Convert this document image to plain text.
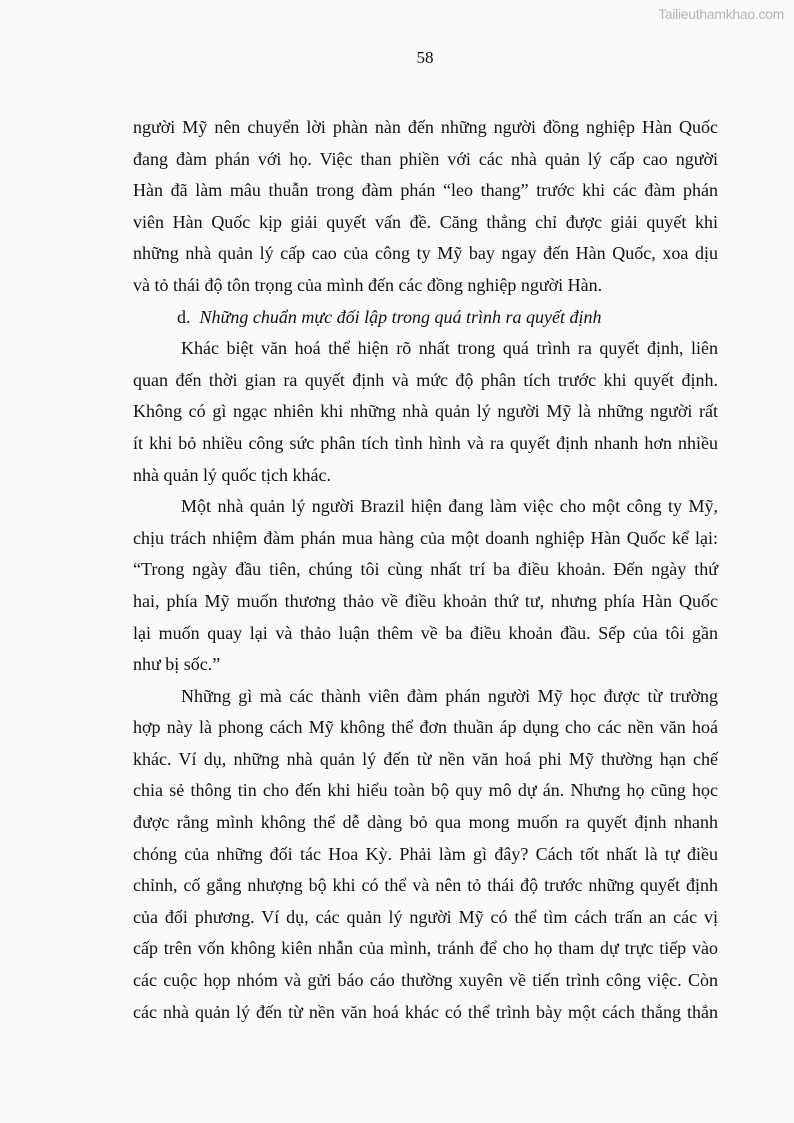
Tailieuthamkhao.com
58
người Mỹ nên chuyển lời phàn nàn đến những người đồng nghiệp Hàn Quốc
đang đàm phán với họ. Việc than phiền với các nhà quản lý cấp cao người
Hàn đã làm mâu thuẫn trong đàm phán “leo thang” trước khi các đàm phán
viên Hàn Quốc kịp giải quyết vấn đề. Căng thẳng chỉ được giải quyết khi
những nhà quản lý cấp cao của công ty Mỹ bay ngay đến Hàn Quốc, xoa dịu
và tỏ thái độ tôn trọng của mình đến các đồng nghiệp người Hàn.
d. Những chuẩn mực đối lập trong quá trình ra quyết định
Khác biệt văn hoá thể hiện rõ nhất trong quá trình ra quyết định, liên
quan đến thời gian ra quyết định và mức độ phân tích trước khi quyết định.
Không có gì ngạc nhiên khi những nhà quản lý người Mỹ là những người rất
ít khi bỏ nhiều công sức phân tích tình hình và ra quyết định nhanh hơn nhiều
nhà quản lý quốc tịch khác.
Một nhà quản lý người Brazil hiện đang làm việc cho một công ty Mỹ,
chịu trách nhiệm đàm phán mua hàng của một doanh nghiệp Hàn Quốc kể lại:
“Trong ngày đầu tiên, chúng tôi cùng nhất trí ba điều khoản. Đến ngày thứ
hai, phía Mỹ muốn thương thảo về điều khoản thứ tư, nhưng phía Hàn Quốc
lại muốn quay lại và thảo luận thêm về ba điều khoản đầu. Sếp của tôi gần
như bị sốc.”
Những gì mà các thành viên đàm phán người Mỹ học được từ trường
hợp này là phong cách Mỹ không thể đơn thuần áp dụng cho các nền văn hoá
khác. Ví dụ, những nhà quản lý đến từ nền văn hoá phi Mỹ thường hạn chế
chia sẻ thông tin cho đến khi hiểu toàn bộ quy mô dự án. Nhưng họ cũng học
được rằng mình không thể dễ dàng bỏ qua mong muốn ra quyết định nhanh
chóng của những đối tác Hoa Kỳ. Phải làm gì đây? Cách tốt nhất là tự điều
chỉnh, cố gắng nhượng bộ khi có thể và nên tỏ thái độ trước những quyết định
của đối phương. Ví dụ, các quản lý người Mỹ có thể tìm cách trấn an các vị
cấp trên vốn không kiên nhẫn của mình, tránh để cho họ tham dự trực tiếp vào
các cuộc họp nhóm và gửi báo cáo thường xuyên về tiến trình công việc. Còn
các nhà quản lý đến từ nền văn hoá khác có thể trình bày một cách thẳng thắn
